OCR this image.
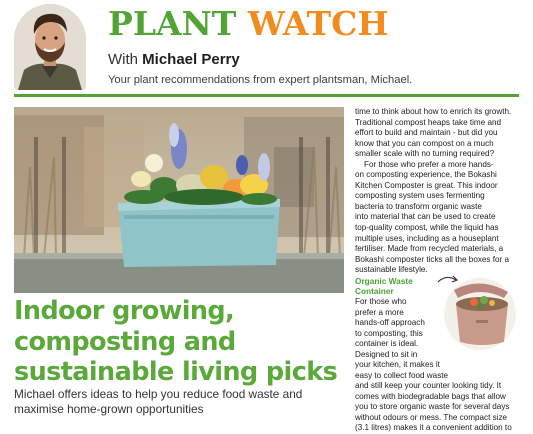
PLANT WATCH
With Michael Perry
Your plant recommendations from expert plantsman, Michael.
Indoor growing,
composting and
sustainable living picks
Michael offers ideas to help you reduce food waste and
maximise home-grown opportunities
time to think about how to enrich its growth.
Traditional compost heaps take time and
effort to build and maintain - but did you
know that you can compost on a much
smaller scale with no turning required?
For those who prefer a more hands-
on composting experience, the Bokashi
Kitchen Composter is great. This indoor
composting system uses fermenting
bacteria to transform organic waste
into material that can be used to create
top-quality compost, while the liquid has
multiple uses, including as a houseplant
fertiliser. Made from recycled materials, a
Bokashi composter ticks all the boxes for a
sustainable lifestyle.
Organic Waste
Container
For those who
prefer a more
hands-off approach
to composting, this
container is ideal.
Designed to sit in
your kitchen, it makes it
easy to collect food waste
and still keep your counter looking tidy. It
comes with biodegradable bags that allow
you to store organic waste for several days
without odours or mess. The compact size
(3.1 litres) makes it a convenient addition to
